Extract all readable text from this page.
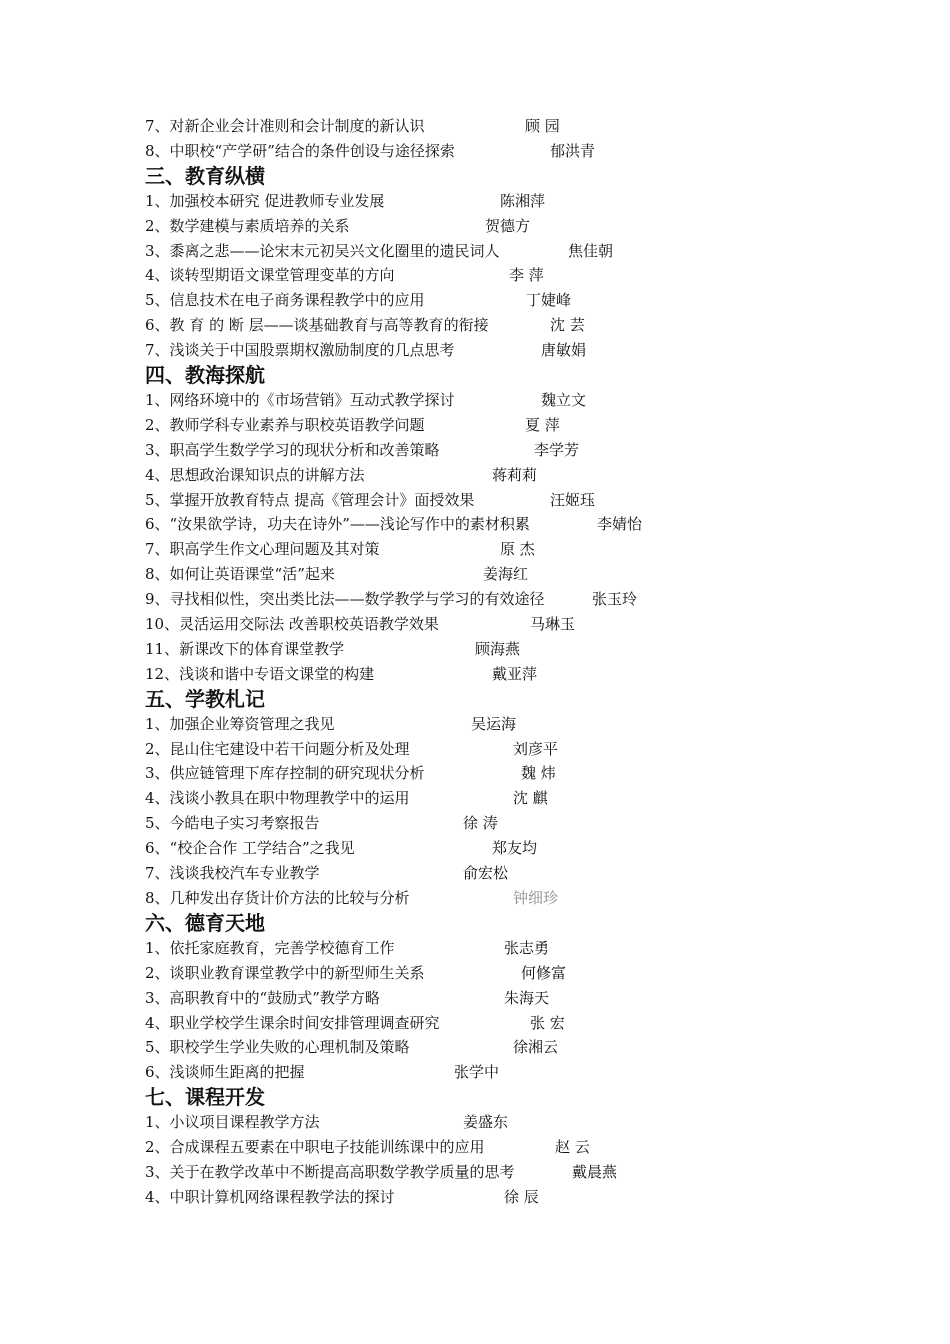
7、对新企业会计准则和会计制度的新认识	顾 园
8、中职校“产学研”结合的条件创设与途径探索	郁洪青
三、教育纵横
1、加强校本研究 促进教师专业发展	陈湘萍
2、数学建模与素质培养的关系	贺德方
3、黍离之悲——论宋末元初吴兴文化圈里的遗民词人	焦佳朝
4、谈转型期语文课堂管理变革的方向	李 萍
5、信息技术在电子商务课程教学中的应用	丁婕峰
6、教 育 的 断 层——谈基础教育与高等教育的衔接	沈 芸
7、浅谈关于中国股票期权激励制度的几点思考	唐敏娟
四、教海探航
1、网络环境中的《市场营销》互动式教学探讨	魏立文
2、教师学科专业素养与职校英语教学问题	夏 萍
3、职高学生数学学习的现状分析和改善策略	李学芳
4、思想政治课知识点的讲解方法	蒋莉莉
5、掌握开放教育特点 提高《管理会计》面授效果	汪姬珏
6、“汝果欲学诗，功夫在诗外”——浅论写作中的素材积累	李婧怡
7、职高学生作文心理问题及其对策	原 杰
8、如何让英语课堂“活”起来	姜海红
9、寻找相似性，突出类比法——数学教学与学习的有效途径	张玉玲
10、灵活运用交际法 改善职校英语教学效果	马琳玉
11、新课改下的体育课堂教学	顾海燕
12、浅谈和谐中专语文课堂的构建	戴亚萍
五、学教札记
1、加强企业筹资管理之我见	吴运海
2、昆山住宅建设中若干问题分析及处理	刘彦平
3、供应链管理下库存控制的研究现状分析	魏 炜
4、浅谈小教具在职中物理教学中的运用	沈 麒
5、今皓电子实习考察报告	徐 涛
6、“校企合作 工学结合”之我见	郑友均
7、浅谈我校汽车专业教学	俞宏松
8、几种发出存货计价方法的比较与分析	钟细珍
六、德育天地
1、依托家庭教育，完善学校德育工作	张志勇
2、谈职业教育课堂教学中的新型师生关系	何修富
3、高职教育中的“鼓励式”教学方略	朱海天
4、职业学校学生课余时间安排管理调查研究	张 宏
5、职校学生学业失败的心理机制及策略	徐湘云
6、浅谈师生距离的把握	张学中
七、课程开发
1、小议项目课程教学方法	姜盛东
2、合成课程五要素在中职电子技能训练课中的应用	赵 云
3、关于在教学改革中不断提高高职数学教学质量的思考	戴晨燕
4、中职计算机网络课程教学法的探讨	徐 辰
